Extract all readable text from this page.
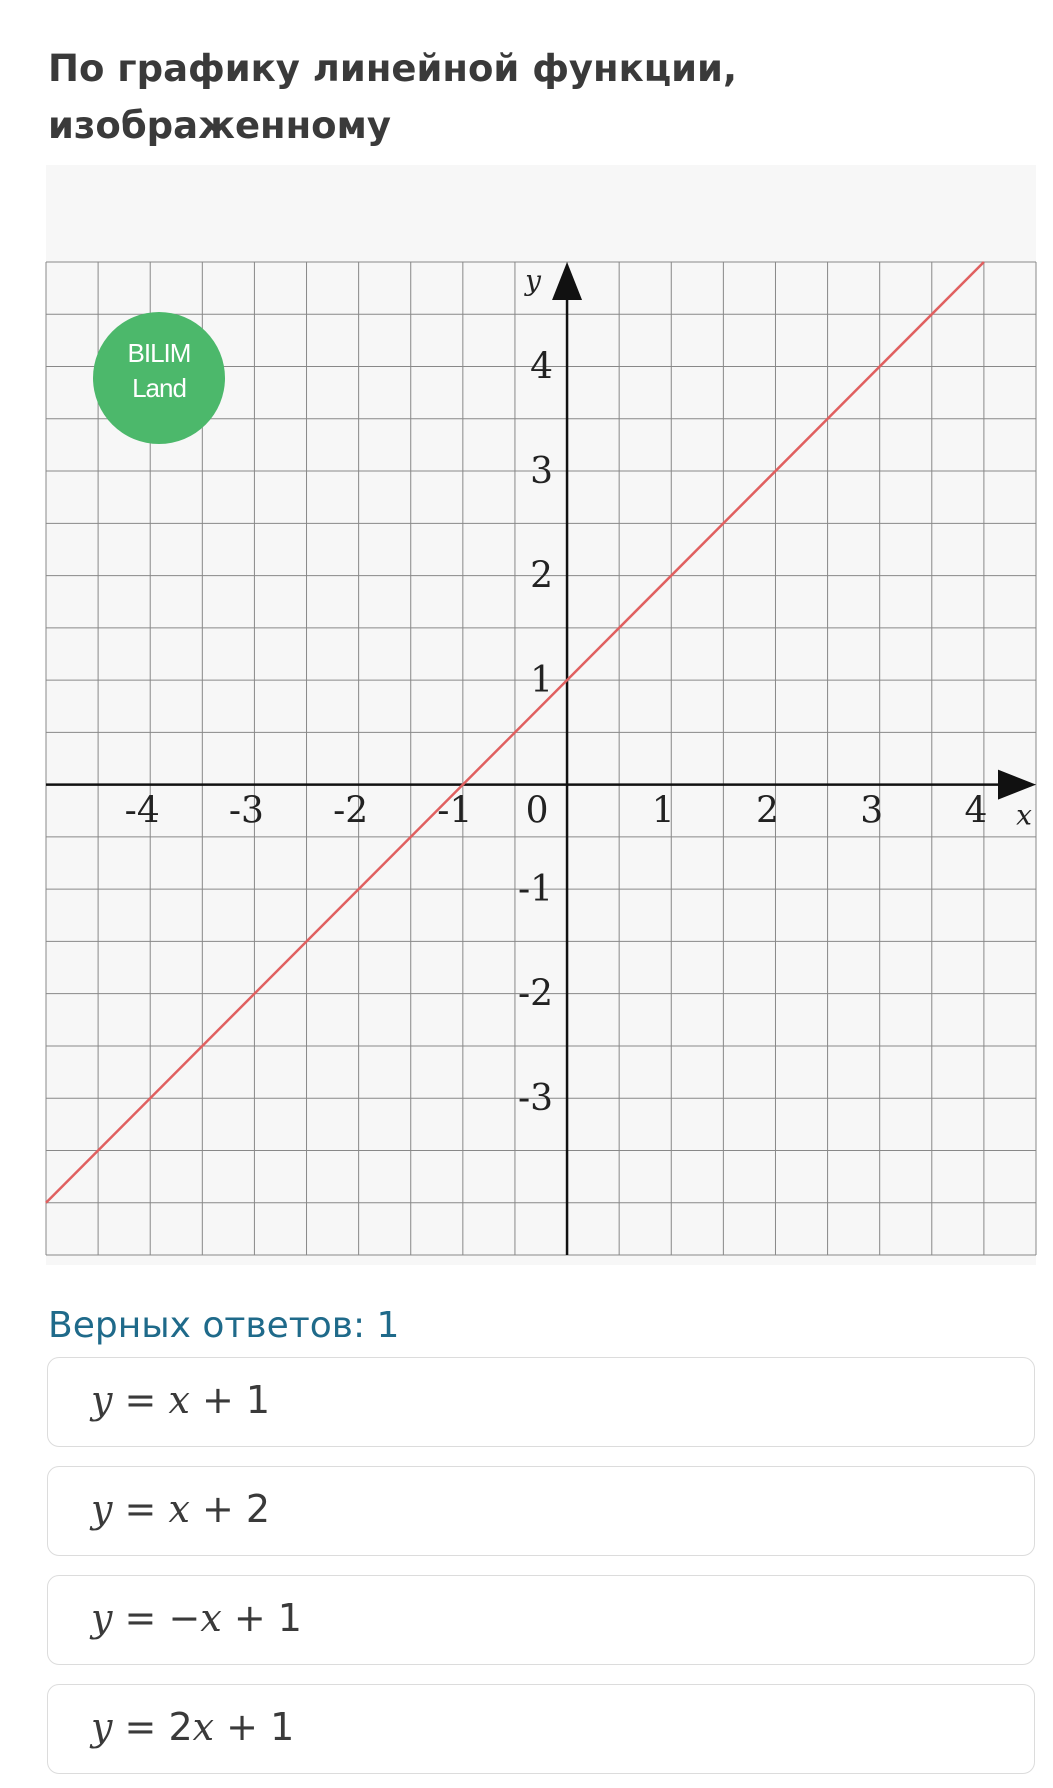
По графику линейной функции, изображенному
-4 -3 -2 -1 0	1 2 3 4
4
3
2
1
-1
-2
-3
x
y
BILIM
Land
Верных ответов: 1
y = x + 1
y = x + 2
y = −x + 1
y = 2x + 1
